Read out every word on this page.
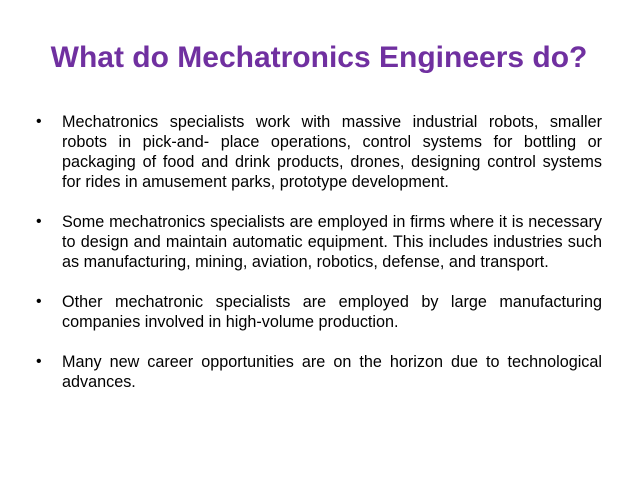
What do Mechatronics Engineers do?
•	Mechatronics specialists work with massive industrial robots, smaller robots in pick-and- place operations, control systems for bottling or packaging of food and drink products, drones, designing control systems for rides in amusement parks, prototype development.
•	Some mechatronics specialists are employed in firms where it is necessary to design and maintain automatic equipment. This includes industries such as manufacturing, mining, aviation, robotics, defense, and transport.
•	Other mechatronic specialists are employed by large manufacturing companies involved in high-volume production.
•	Many new career opportunities are on the horizon due to technological advances.
